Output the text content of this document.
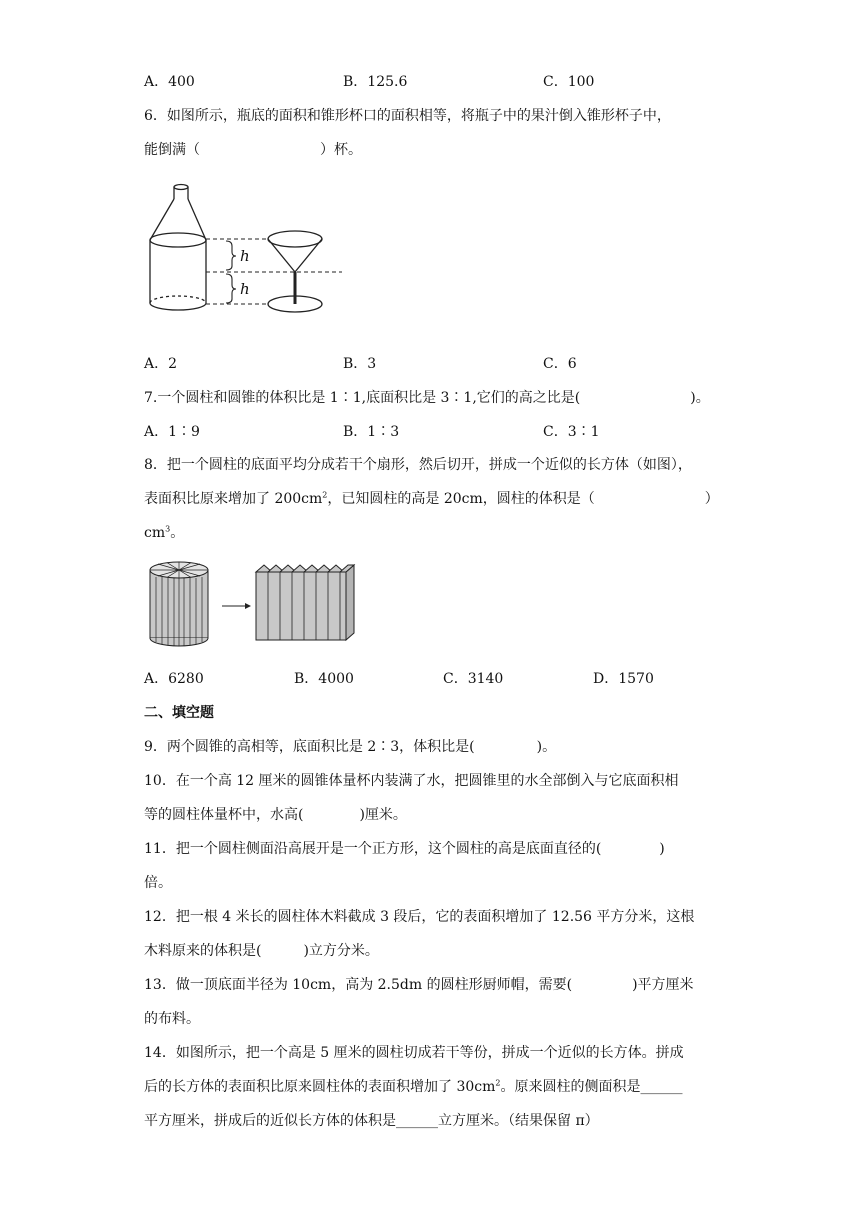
A．400	B．125.6	C．100
6．如图所示，瓶底的面积和锥形杯口的面积相等，将瓶子中的果汁倒入锥形杯子中，
能倒满（	）杯。
h
h
A．2	B．3	C．6
7.一个圆柱和圆锥的体积比是 1∶1,底面积比是 3∶1,它们的高之比是(	)。
A．1∶9	B．1∶3	C．3∶1
8．把一个圆柱的底面平均分成若干个扇形，然后切开，拼成一个近似的长方体（如图），
表面积比原来增加了 $200cm^2$，已知圆柱的高是 20cm，圆柱的体积是（	）
$cm^3$。
A．6280	B．4000	C．3140	D．1570
二、填空题
9．两个圆锥的高相等，底面积比是 2∶3，体积比是(	)。
10．在一个高 12 厘米的圆锥体量杯内装满了水，把圆锥里的水全部倒入与它底面积相
等的圆柱体量杯中，水高(	)厘米。
11．把一个圆柱侧面沿高展开是一个正方形，这个圆柱的高是底面直径的(	)
倍。
12．把一根 4 米长的圆柱体木料截成 3 段后，它的表面积增加了 12.56 平方分米，这根
木料原来的体积是(	)立方分米。
13．做一顶底面半径为 10cm，高为 2.5dm 的圆柱形厨师帽，需要(	)平方厘米
的布料。
14．如图所示，把一个高是 5 厘米的圆柱切成若干等份，拼成一个近似的长方体。拼成
后的长方体的表面积比原来圆柱体的表面积增加了 $30cm^2$。原来圆柱的侧面积是______
平方厘米，拼成后的近似长方体的体积是______立方厘米。（结果保留 π）
